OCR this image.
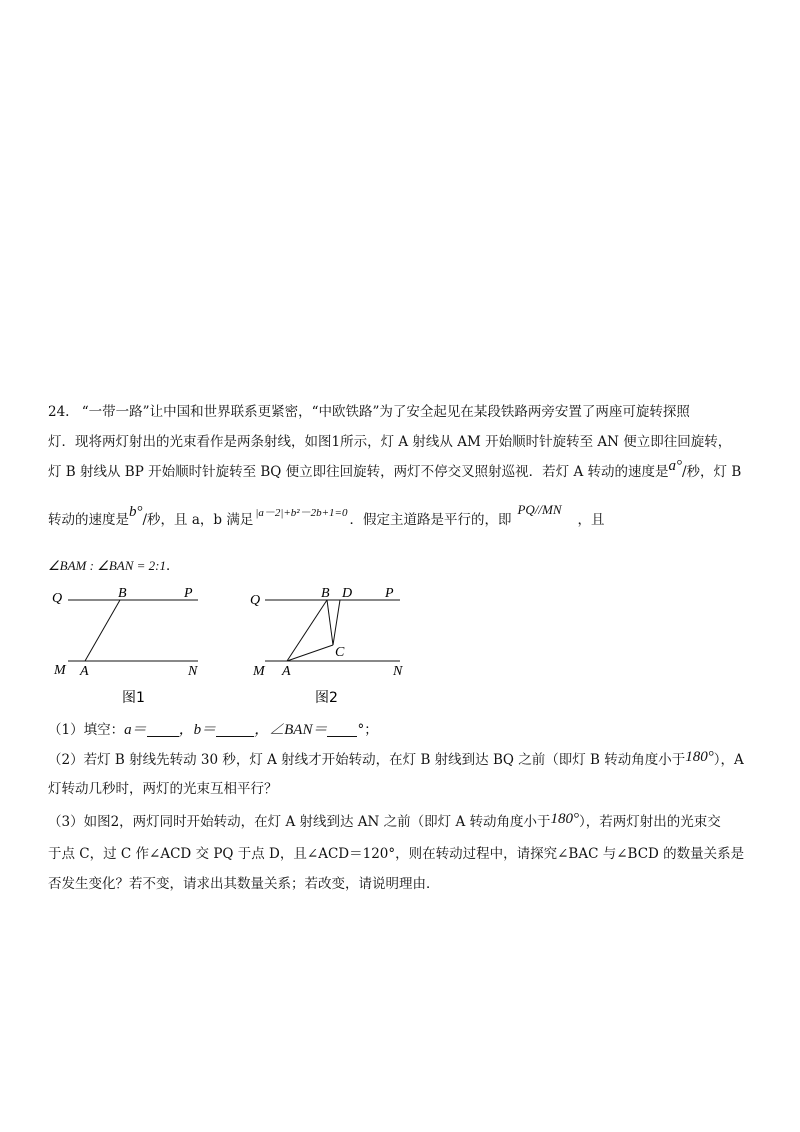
24. “一带一路”让中国和世界联系更紧密，“中欧铁路”为了安全起见在某段铁路两旁安置了两座可旋转探照
灯．现将两灯射出的光束看作是两条射线，如图1所示，灯 A 射线从 AM 开始顺时针旋转至 AN 便立即往回旋转，
灯 B 射线从 BP 开始顺时针旋转至 BQ 便立即往回旋转，两灯不停交叉照射巡视．若灯 A 转动的速度是a°/秒，灯 B
转动的速度是b°/秒，且 a，b 满足 $^{|a-2|+b^2-2b+1=0}$ ．假定主道路是平行的，即PQ//MN，且
∠BAM : ∠BAN = 2:1．
Q	B	P
M A	N
图1
Q	B D P
C
M A	N
图2
（1）填空：a＝ ，b＝	，∠BAN＝ °；
（2）若灯 B 射线先转动 30 秒，灯 A 射线才开始转动，在灯 B 射线到达 BQ 之前（即灯 B 转动角度小于180°），A
灯转动几秒时，两灯的光束互相平行？
（3）如图2，两灯同时开始转动，在灯 A 射线到达 AN 之前（即灯 A 转动角度小于180°），若两灯射出的光束交
于点 C，过 C 作∠ACD 交 PQ 于点 D，且∠ACD＝120°，则在转动过程中，请探究∠BAC 与∠BCD 的数量关系是
否发生变化？若不变，请求出其数量关系；若改变，请说明理由．
